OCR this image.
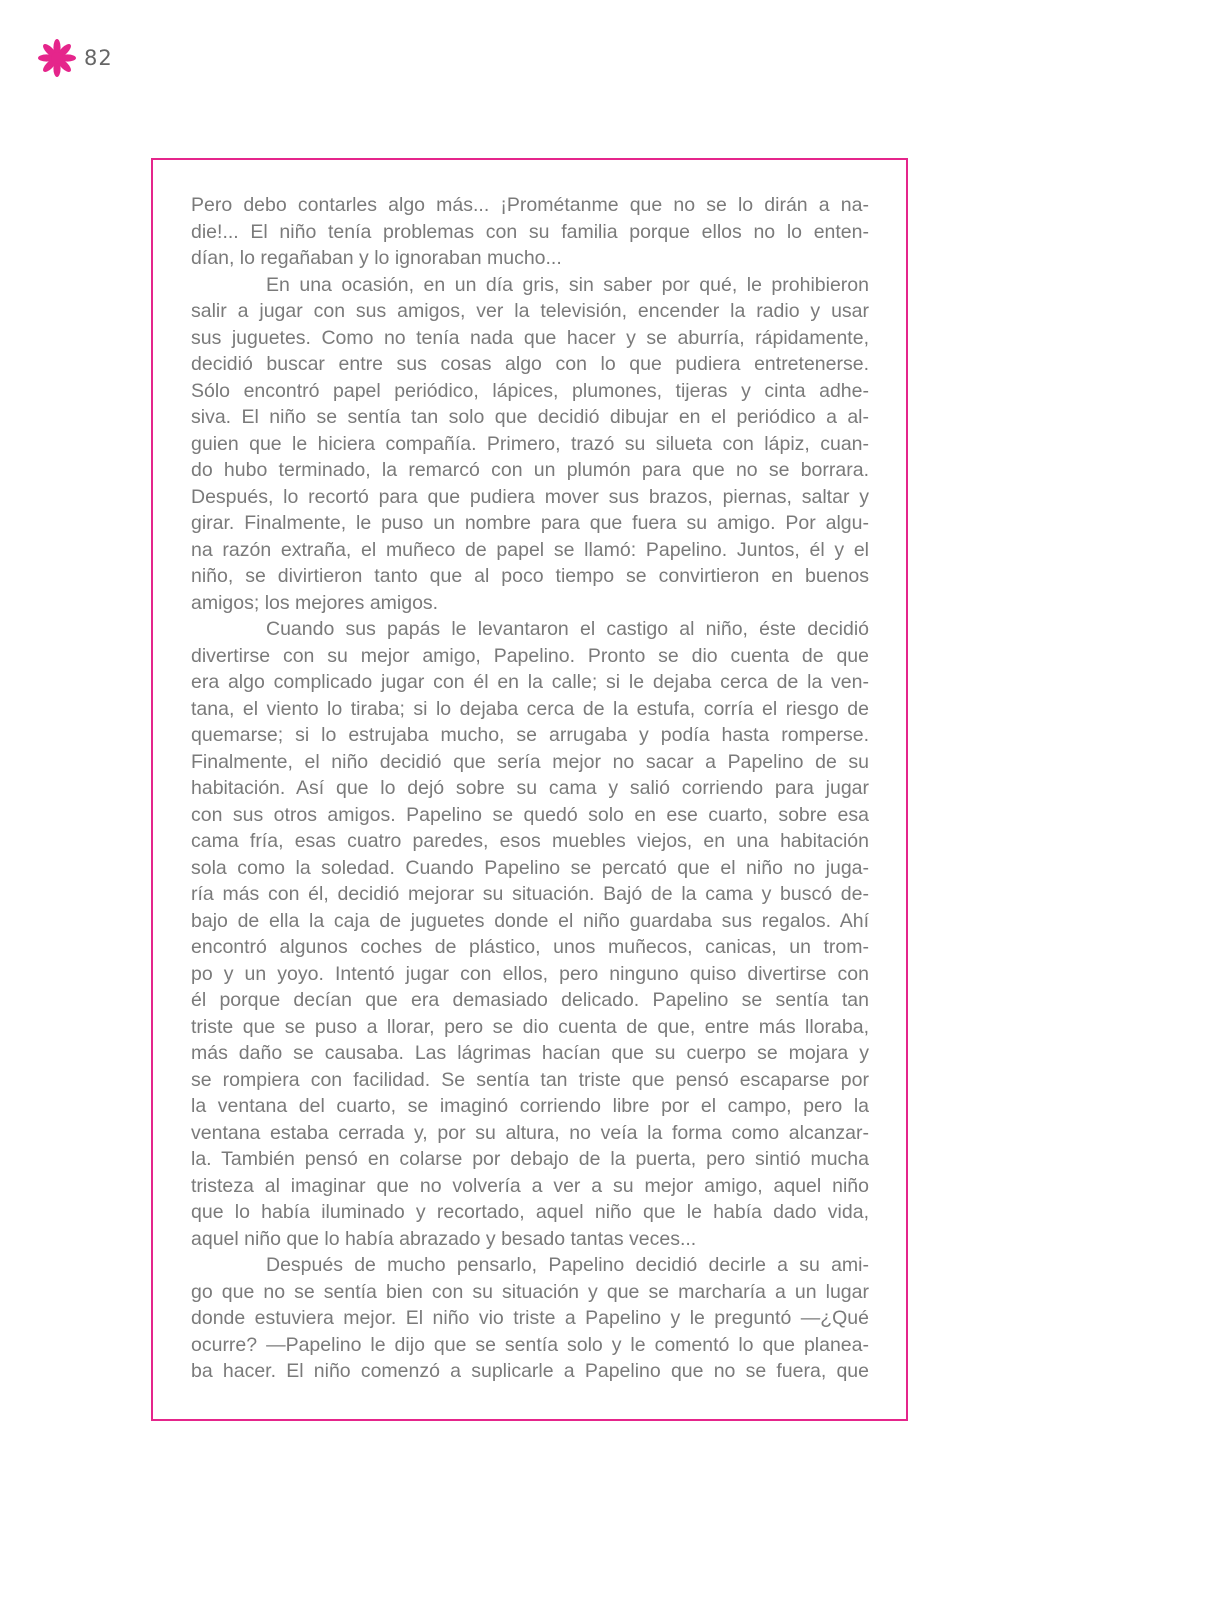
82
Pero debo contarles algo más... ¡Prométanme que no se lo dirán a na-
die!... El niño tenía problemas con su familia porque ellos no lo enten-
dían, lo regañaban y lo ignoraban mucho...
En una ocasión, en un día gris, sin saber por qué, le prohibieron
salir a jugar con sus amigos, ver la televisión, encender la radio y usar
sus juguetes. Como no tenía nada que hacer y se aburría, rápidamente,
decidió buscar entre sus cosas algo con lo que pudiera entretenerse.
Sólo encontró papel periódico, lápices, plumones, tijeras y cinta adhe-
siva. El niño se sentía tan solo que decidió dibujar en el periódico a al-
guien que le hiciera compañía. Primero, trazó su silueta con lápiz, cuan-
do hubo terminado, la remarcó con un plumón para que no se borrara.
Después, lo recortó para que pudiera mover sus brazos, piernas, saltar y
girar. Finalmente, le puso un nombre para que fuera su amigo. Por algu-
na razón extraña, el muñeco de papel se llamó: Papelino. Juntos, él y el
niño, se divirtieron tanto que al poco tiempo se convirtieron en buenos
amigos; los mejores amigos.
Cuando sus papás le levantaron el castigo al niño, éste decidió
divertirse con su mejor amigo, Papelino. Pronto se dio cuenta de que
era algo complicado jugar con él en la calle; si le dejaba cerca de la ven-
tana, el viento lo tiraba; si lo dejaba cerca de la estufa, corría el riesgo de
quemarse; si lo estrujaba mucho, se arrugaba y podía hasta romperse.
Finalmente, el niño decidió que sería mejor no sacar a Papelino de su
habitación. Así que lo dejó sobre su cama y salió corriendo para jugar
con sus otros amigos. Papelino se quedó solo en ese cuarto, sobre esa
cama fría, esas cuatro paredes, esos muebles viejos, en una habitación
sola como la soledad. Cuando Papelino se percató que el niño no juga-
ría más con él, decidió mejorar su situación. Bajó de la cama y buscó de-
bajo de ella la caja de juguetes donde el niño guardaba sus regalos. Ahí
encontró algunos coches de plástico, unos muñecos, canicas, un trom-
po y un yoyo. Intentó jugar con ellos, pero ninguno quiso divertirse con
él porque decían que era demasiado delicado. Papelino se sentía tan
triste que se puso a llorar, pero se dio cuenta de que, entre más lloraba,
más daño se causaba. Las lágrimas hacían que su cuerpo se mojara y
se rompiera con facilidad. Se sentía tan triste que pensó escaparse por
la ventana del cuarto, se imaginó corriendo libre por el campo, pero la
ventana estaba cerrada y, por su altura, no veía la forma como alcanzar-
la. También pensó en colarse por debajo de la puerta, pero sintió mucha
tristeza al imaginar que no volvería a ver a su mejor amigo, aquel niño
que lo había iluminado y recortado, aquel niño que le había dado vida,
aquel niño que lo había abrazado y besado tantas veces...
Después de mucho pensarlo, Papelino decidió decirle a su ami-
go que no se sentía bien con su situación y que se marcharía a un lugar
donde estuviera mejor. El niño vio triste a Papelino y le preguntó —¿Qué
ocurre? —Papelino le dijo que se sentía solo y le comentó lo que planea-
ba hacer. El niño comenzó a suplicarle a Papelino que no se fuera, que
